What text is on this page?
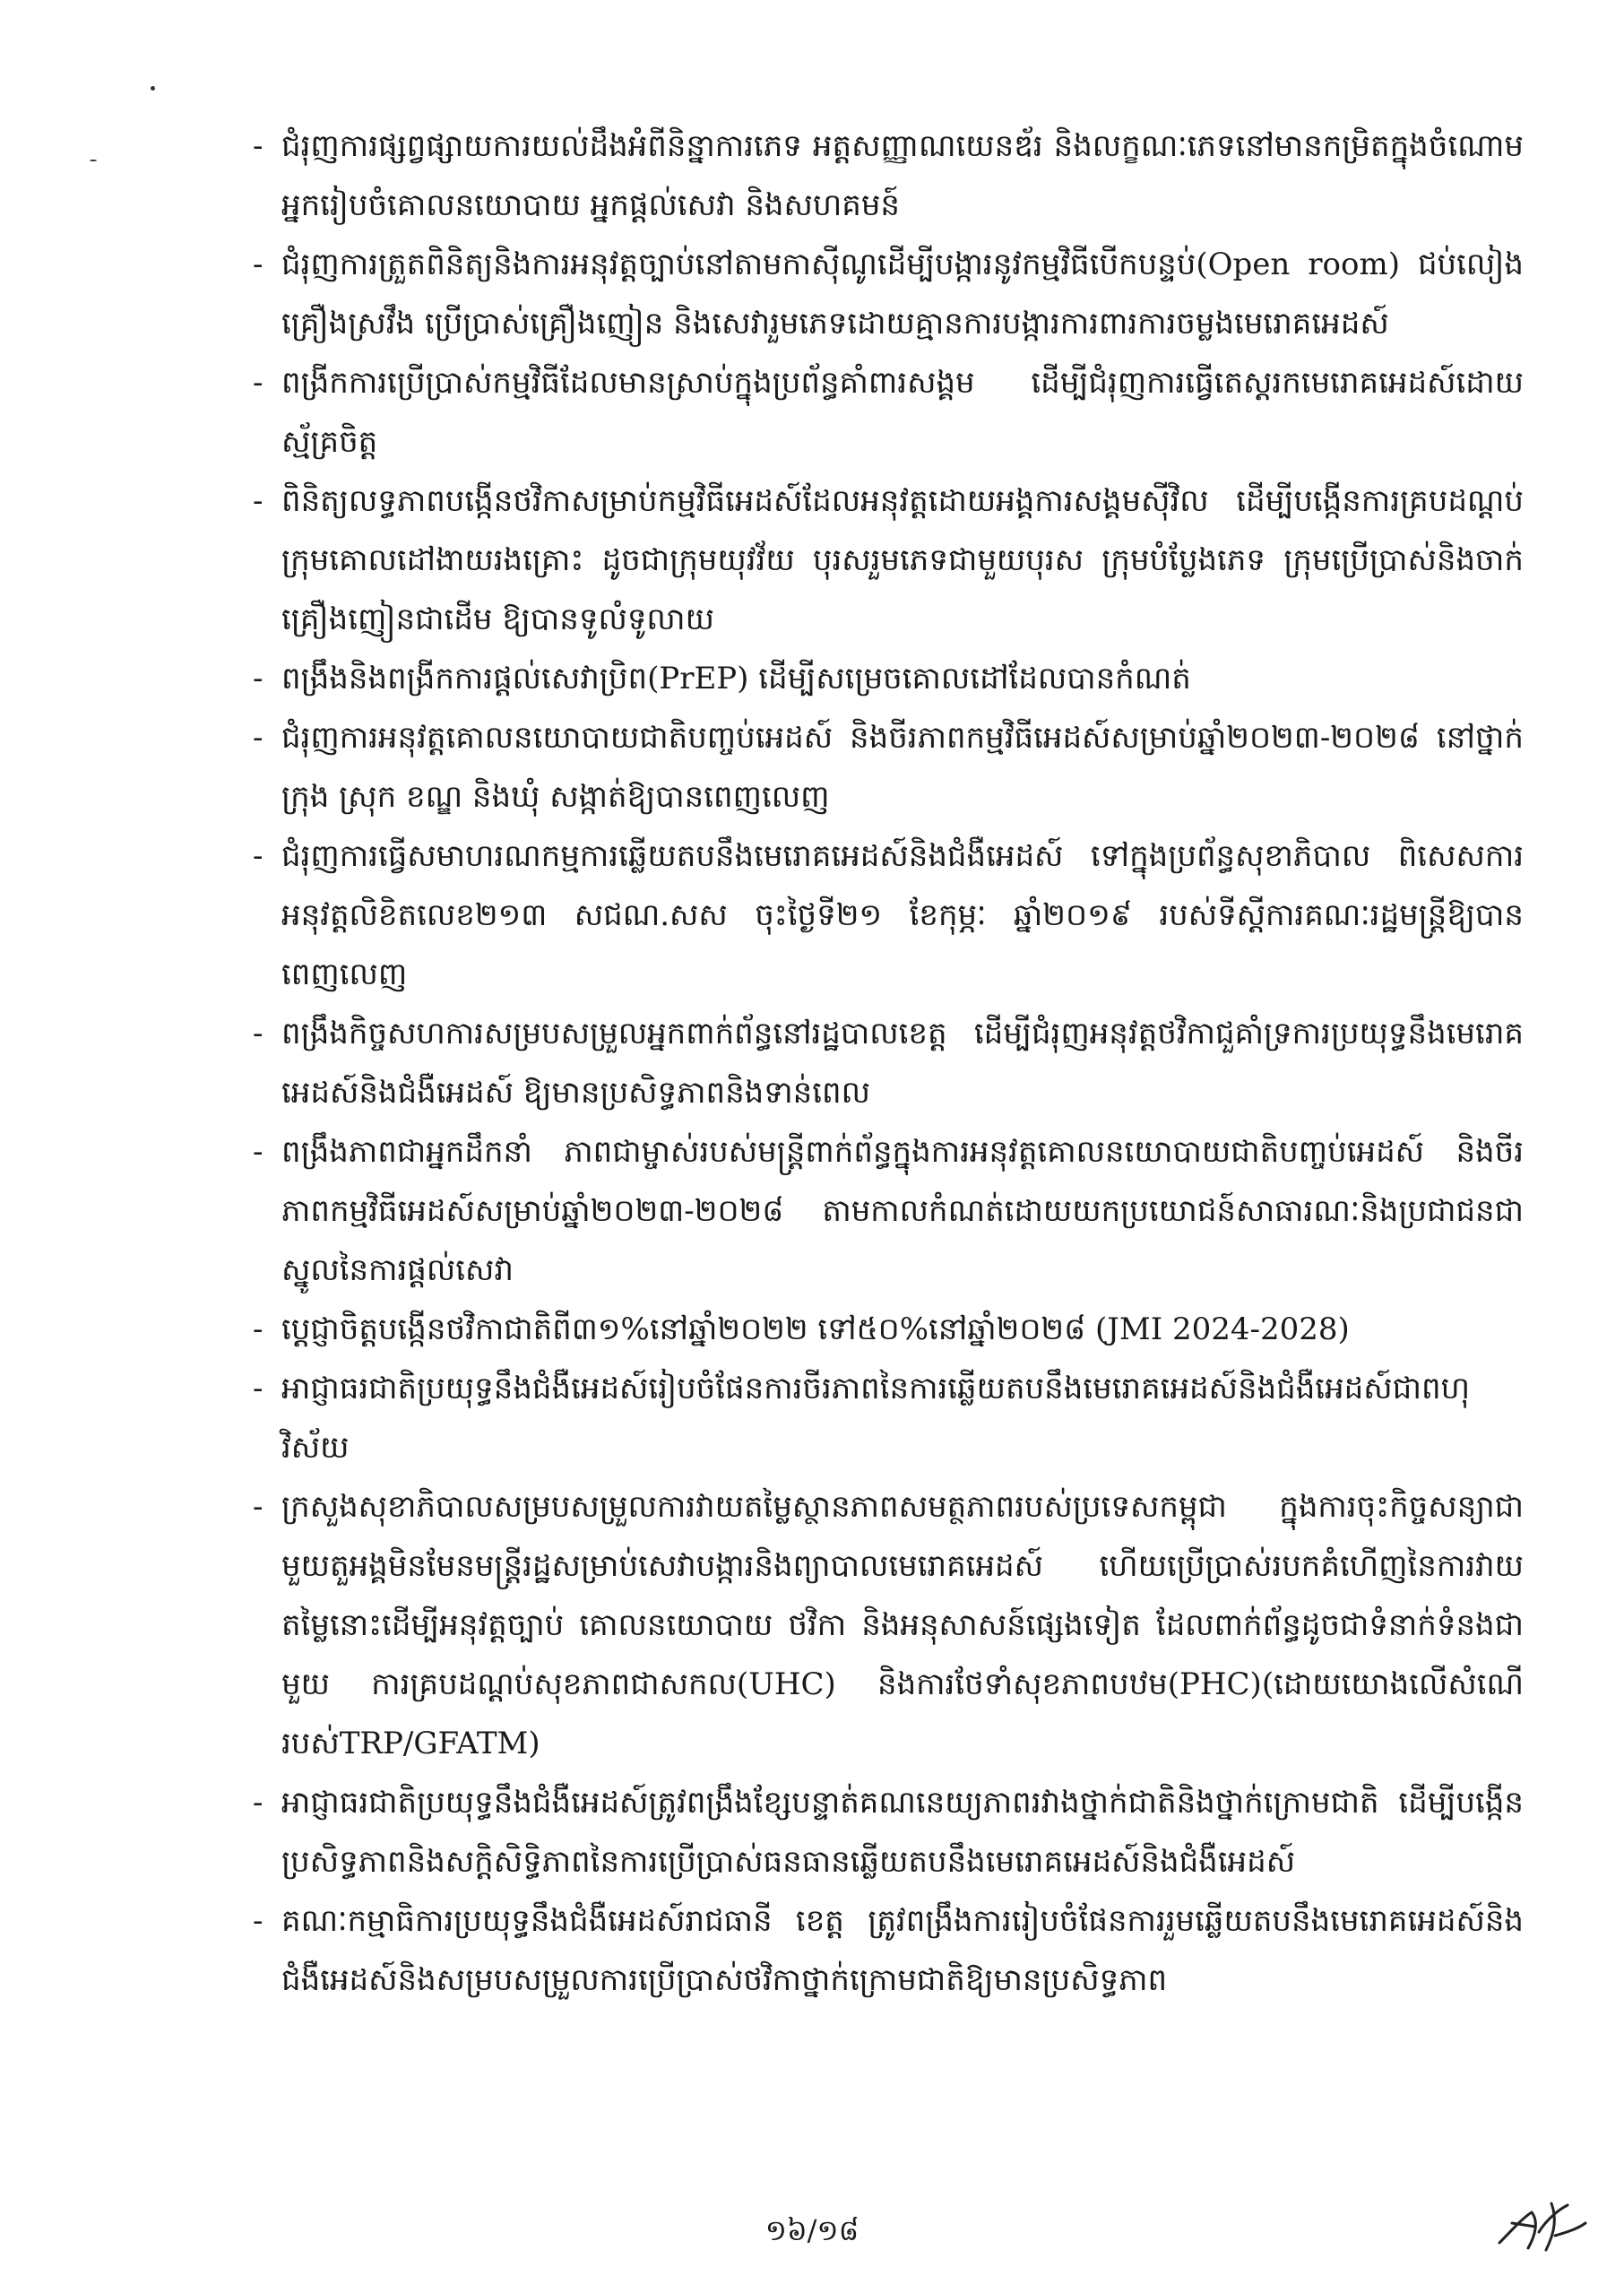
- ជំរុញការផ្សព្វផ្សាយការយល់ដឹងអំពីនិន្នាការភេទ អត្តសញ្ញាណយេនឌ័រ និងលក្ខណៈភេទនៅមានកម្រិតក្នុងចំណោមអ្នករៀបចំគោលនយោបាយ អ្នកផ្តល់សេវា និងសហគមន៍
- ជំរុញការត្រួតពិនិត្យនិងការអនុវត្តច្បាប់នៅតាមកាស៊ីណូដើម្បីបង្ការនូវកម្មវិធីបើកបន្ទប់(Open room) ជប់លៀងគ្រឿងស្រវឹង ប្រើប្រាស់គ្រឿងញៀន និងសេវារួមភេទដោយគ្មានការបង្ការការពារការចម្លងមេរោគអេដស៍
- ពង្រីកការប្រើប្រាស់កម្មវិធីដែលមានស្រាប់ក្នុងប្រព័ន្ធគាំពារសង្គម ដើម្បីជំរុញការធ្វើតេស្តរកមេរោគអេដស៍ដោយស្ម័គ្រចិត្ត
- ពិនិត្យលទ្ធភាពបង្កើនថវិកាសម្រាប់កម្មវិធីអេដស៍ដែលអនុវត្តដោយអង្គការសង្គមស៊ីវិល ដើម្បីបង្កើនការគ្របដណ្តប់ក្រុមគោលដៅងាយរងគ្រោះ ដូចជាក្រុមយុវវ័យ បុរសរួមភេទជាមួយបុរស ក្រុមបំប្លែងភេទ ក្រុមប្រើប្រាស់និងចាក់គ្រឿងញៀនជាដើម ឱ្យបានទូលំទូលាយ
- ពង្រឹងនិងពង្រីកការផ្តល់សេវាប្រិព(PrEP) ដើម្បីសម្រេចគោលដៅដែលបានកំណត់
- ជំរុញការអនុវត្តគោលនយោបាយជាតិបញ្ចប់អេដស៍ និងចីរភាពកម្មវិធីអេដស៍សម្រាប់ឆ្នាំ២០២៣-២០២៨ នៅថ្នាក់ក្រុង ស្រុក ខណ្ឌ និងឃុំ សង្កាត់ឱ្យបានពេញលេញ
- ជំរុញការធ្វើសមាហរណកម្មការឆ្លើយតបនឹងមេរោគអេដស៍និងជំងឺអេដស៍ ទៅក្នុងប្រព័ន្ធសុខាភិបាល ពិសេសការអនុវត្តលិខិតលេខ២១៣ សជណ.សស ចុះថ្ងៃទី២១ ខែកុម្ភៈ ឆ្នាំ២០១៩ របស់ទីស្តីការគណៈរដ្ឋមន្ត្រីឱ្យបានពេញលេញ
- ពង្រឹងកិច្ចសហការសម្របសម្រួលអ្នកពាក់ព័ន្ធនៅរដ្ឋបាលខេត្ត ដើម្បីជំរុញអនុវត្តថវិកាជួគាំទ្រការប្រយុទ្ធនឹងមេរោគអេដស៍និងជំងឺអេដស៍ ឱ្យមានប្រសិទ្ធភាពនិងទាន់ពេល
- ពង្រឹងភាពជាអ្នកដឹកនាំ ភាពជាម្ចាស់របស់មន្ត្រីពាក់ព័ន្ធក្នុងការអនុវត្តគោលនយោបាយជាតិបញ្ចប់អេដស៍ និងចីរភាពកម្មវិធីអេដស៍សម្រាប់ឆ្នាំ២០២៣-២០២៨ តាមកាលកំណត់ដោយយកប្រយោជន៍សាធារណៈនិងប្រជាជនជាស្នូលនៃការផ្តល់សេវា
- ប្តេជ្ញាចិត្តបង្កើនថវិកាជាតិពី៣១%នៅឆ្នាំ២០២២ ទៅ៥០%នៅឆ្នាំ២០២៨ (JMI 2024-2028)
- អាជ្ញាធរជាតិប្រយុទ្ធនឹងជំងឺអេដស៍រៀបចំផែនការចីរភាពនៃការឆ្លើយតបនឹងមេរោគអេដស៍និងជំងឺអេដស៍ជាពហុវិស័យ
- ក្រសួងសុខាភិបាលសម្របសម្រួលការវាយតម្លៃស្ថានភាពសមត្ថភាពរបស់ប្រទេសកម្ពុជា ក្នុងការចុះកិច្ចសន្យាជាមួយតួអង្គមិនមែនមន្ត្រីរដ្ឋសម្រាប់សេវាបង្ការនិងព្យាបាលមេរោគអេដស៍ ហើយប្រើប្រាស់របកគំហើញនៃការវាយតម្លៃនោះដើម្បីអនុវត្តច្បាប់ គោលនយោបាយ ថវិកា និងអនុសាសន៍ផ្សេងទៀត ដែលពាក់ព័ន្ធដូចជាទំនាក់ទំនងជាមួយ ការគ្របដណ្តប់សុខភាពជាសកល(UHC) និងការថែទាំសុខភាពបឋម(PHC)(ដោយយោងលើសំណើរបស់TRP/GFATM)
- អាជ្ញាធរជាតិប្រយុទ្ធនឹងជំងឺអេដស៍ត្រូវពង្រឹងខ្សែបន្ទាត់គណនេយ្យភាពរវាងថ្នាក់ជាតិនិងថ្នាក់ក្រោមជាតិ ដើម្បីបង្កើនប្រសិទ្ធភាពនិងសក្តិសិទ្ធិភាពនៃការប្រើប្រាស់ធនធានឆ្លើយតបនឹងមេរោគអេដស៍និងជំងឺអេដស៍
- គណៈកម្មាធិការប្រយុទ្ធនឹងជំងឺអេដស៍រាជធានី ខេត្ត ត្រូវពង្រឹងការរៀបចំផែនការរួមឆ្លើយតបនឹងមេរោគអេដស៍និងជំងឺអេដស៍និងសម្របសម្រួលការប្រើប្រាស់ថវិកាថ្នាក់ក្រោមជាតិឱ្យមានប្រសិទ្ធភាព
១៦/១៨
